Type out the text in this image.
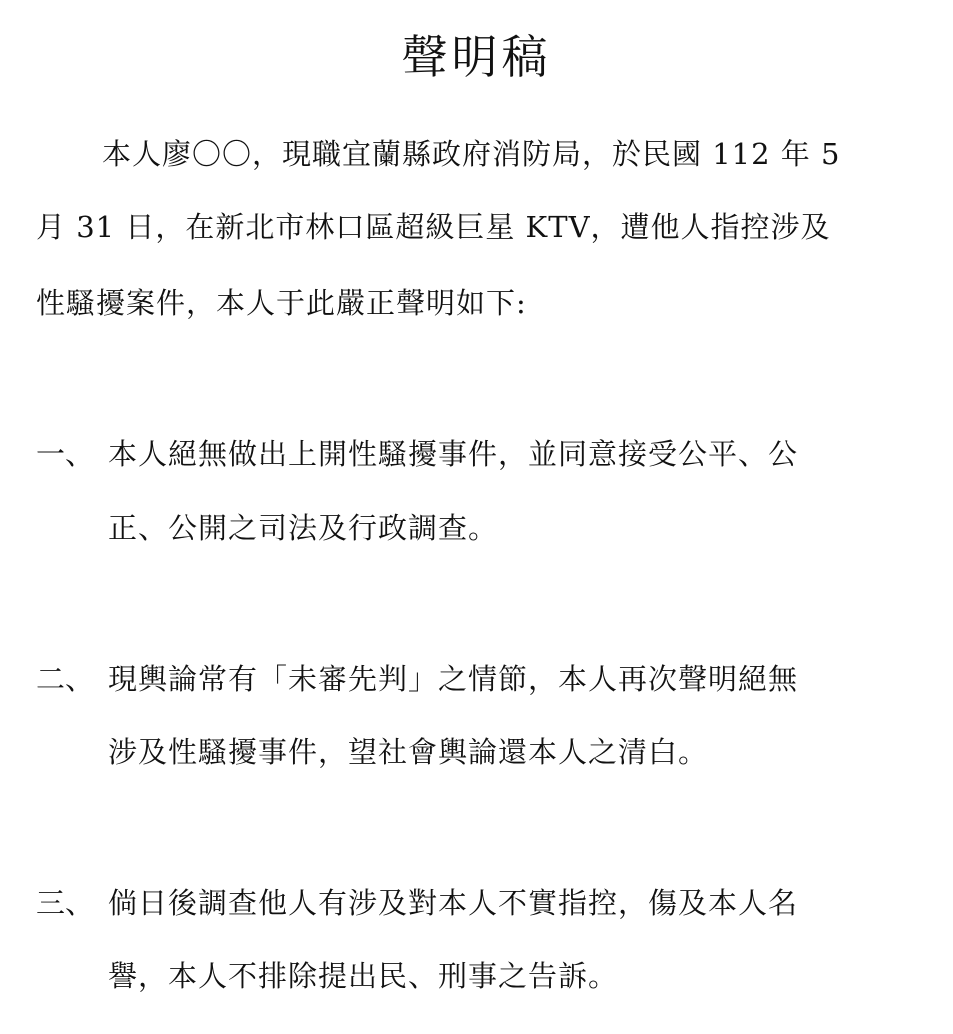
聲明稿
本人廖〇〇，現職宜蘭縣政府消防局，於民國 112 年 5
月 31 日，在新北市林口區超級巨星 KTV，遭他人指控涉及
性騷擾案件，本人于此嚴正聲明如下:
一、 本人絕無做出上開性騷擾事件，並同意接受公平、公
正、公開之司法及行政調查。
二、 現輿論常有「未審先判」之情節，本人再次聲明絕無
涉及性騷擾事件，望社會輿論還本人之清白。
三、 倘日後調查他人有涉及對本人不實指控，傷及本人名
譽，本人不排除提出民、刑事之告訴。
